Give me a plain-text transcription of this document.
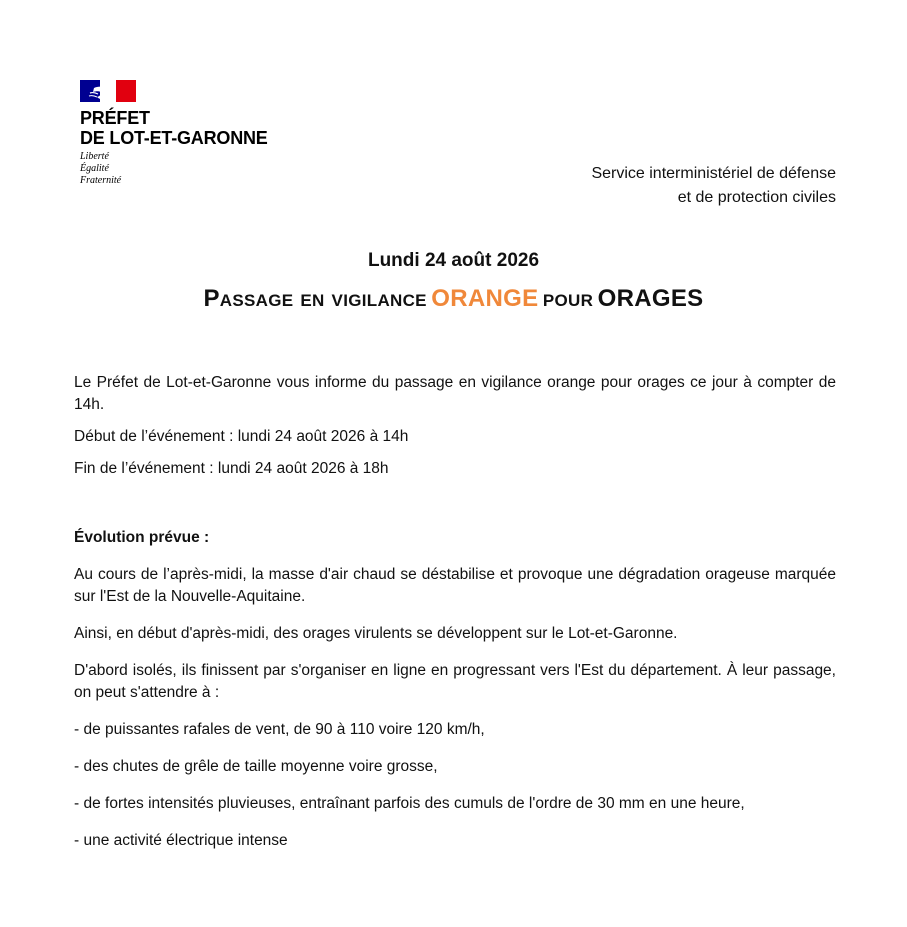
PRÉFET
DE LOT-ET-GARONNE
Liberté
Égalité
Fraternité	Service interministériel de défense
et de protection civiles
Lundi 24 août 2026
Passage en vigilance ORANGE pour ORAGES

Le Préfet de Lot-et-Garonne vous informe du passage en vigilance orange pour orages ce jour à compter de 14h.

Début de l’événement : lundi 24 août 2026 à 14h

Fin de l’événement : lundi 24 août 2026 à 18h

Évolution prévue :

Au cours de l’après-midi, la masse d'air chaud se déstabilise et provoque une dégradation orageuse marquée sur l'Est de la Nouvelle-Aquitaine.

Ainsi, en début d'après-midi, des orages virulents se développent sur le Lot-et-Garonne.

D'abord isolés, ils finissent par s'organiser en ligne en progressant vers l'Est du département. À leur passage, on peut s'attendre à :

- de puissantes rafales de vent, de 90 à 110 voire 120 km/h,

- des chutes de grêle de taille moyenne voire grosse,

- de fortes intensités pluvieuses, entraînant parfois des cumuls de l'ordre de 30 mm en une heure,

- une activité électrique intense
